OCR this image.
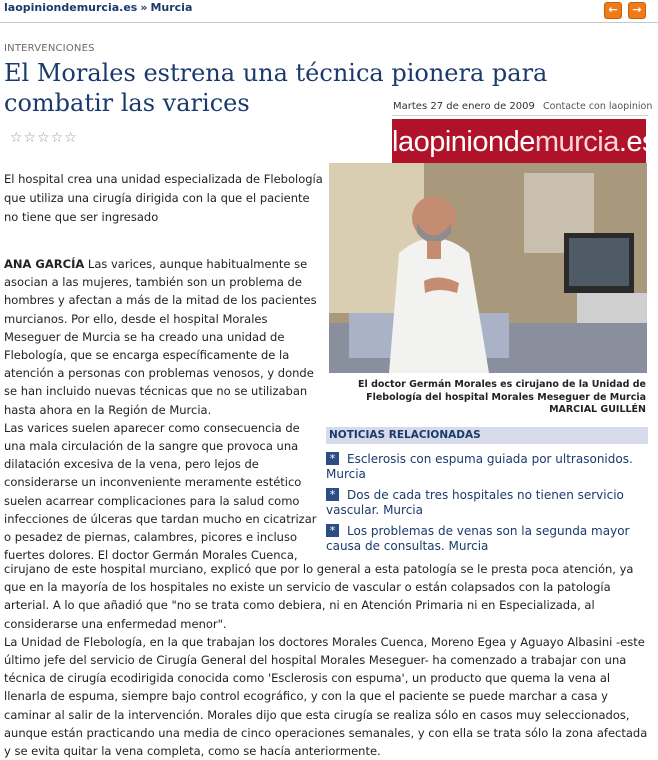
laopiniondemurcia.es » Murcia	←	→
INTERVENCIONES
El Morales estrena una técnica pionera para combatir las varices
☆☆☆☆☆
Martes 27 de enero de 2009 Contacte con laopinion
laopiniondemurcia.es
El hospital crea una unidad especializada de Flebología que utiliza una cirugía dirigida con la que el paciente no tiene que ser ingresado
ANA GARCÍA Las varices, aunque habitualmente se asocian a las mujeres, también son un problema de hombres y afectan a más de la mitad de los pacientes murcianos. Por ello, desde el hospital Morales Meseguer de Murcia se ha creado una unidad de Flebología, que se encarga específicamente de la atención a personas con problemas venosos, y donde se han incluido nuevas técnicas que no se utilizaban hasta ahora en la Región de Murcia.
Las varices suelen aparecer como consecuencia de una mala circulación de la sangre que provoca una dilatación excesiva de la vena, pero lejos de considerarse un inconveniente meramente estético suelen acarrear complicaciones para la salud como infecciones de úlceras que tardan mucho en cicatrizar o pesadez de piernas, calambres, picores e incluso fuertes dolores. El doctor Germán Morales Cuenca,
El doctor Germán Morales es cirujano de la Unidad de Flebología del hospital Morales Meseguer de Murcia
MARCIAL GUILLÉN
NOTICIAS RELACIONADAS
* Esclerosis con espuma guiada por ultrasonidos. Murcia
* Dos de cada tres hospitales no tienen servicio vascular. Murcia
* Los problemas de venas son la segunda mayor causa de consultas. Murcia

cirujano de este hospital murciano, explicó que por lo general a esta patología se le presta poca atención, ya que en la mayoría de los hospitales no existe un servicio de vascular o están colapsados con la patología arterial. A lo que añadió que "no se trata como debiera, ni en Atención Primaria ni en Especializada, al considerarse una enfermedad menor".

La Unidad de Flebología, en la que trabajan los doctores Morales Cuenca, Moreno Egea y Aguayo Albasini -este último jefe del servicio de Cirugía General del hospital Morales Meseguer- ha comenzado a trabajar con una técnica de cirugía ecodirigida conocida como 'Esclerosis con espuma', un producto que quema la vena al llenarla de espuma, siempre bajo control ecográfico, y con la que el paciente se puede marchar a casa y caminar al salir de la intervención. Morales dijo que esta cirugía se realiza sólo en casos muy seleccionados, aunque están practicando una media de cinco operaciones semanales, y con ella se trata sólo la zona afectada y se evita quitar la vena completa, como se hacía anteriormente.
